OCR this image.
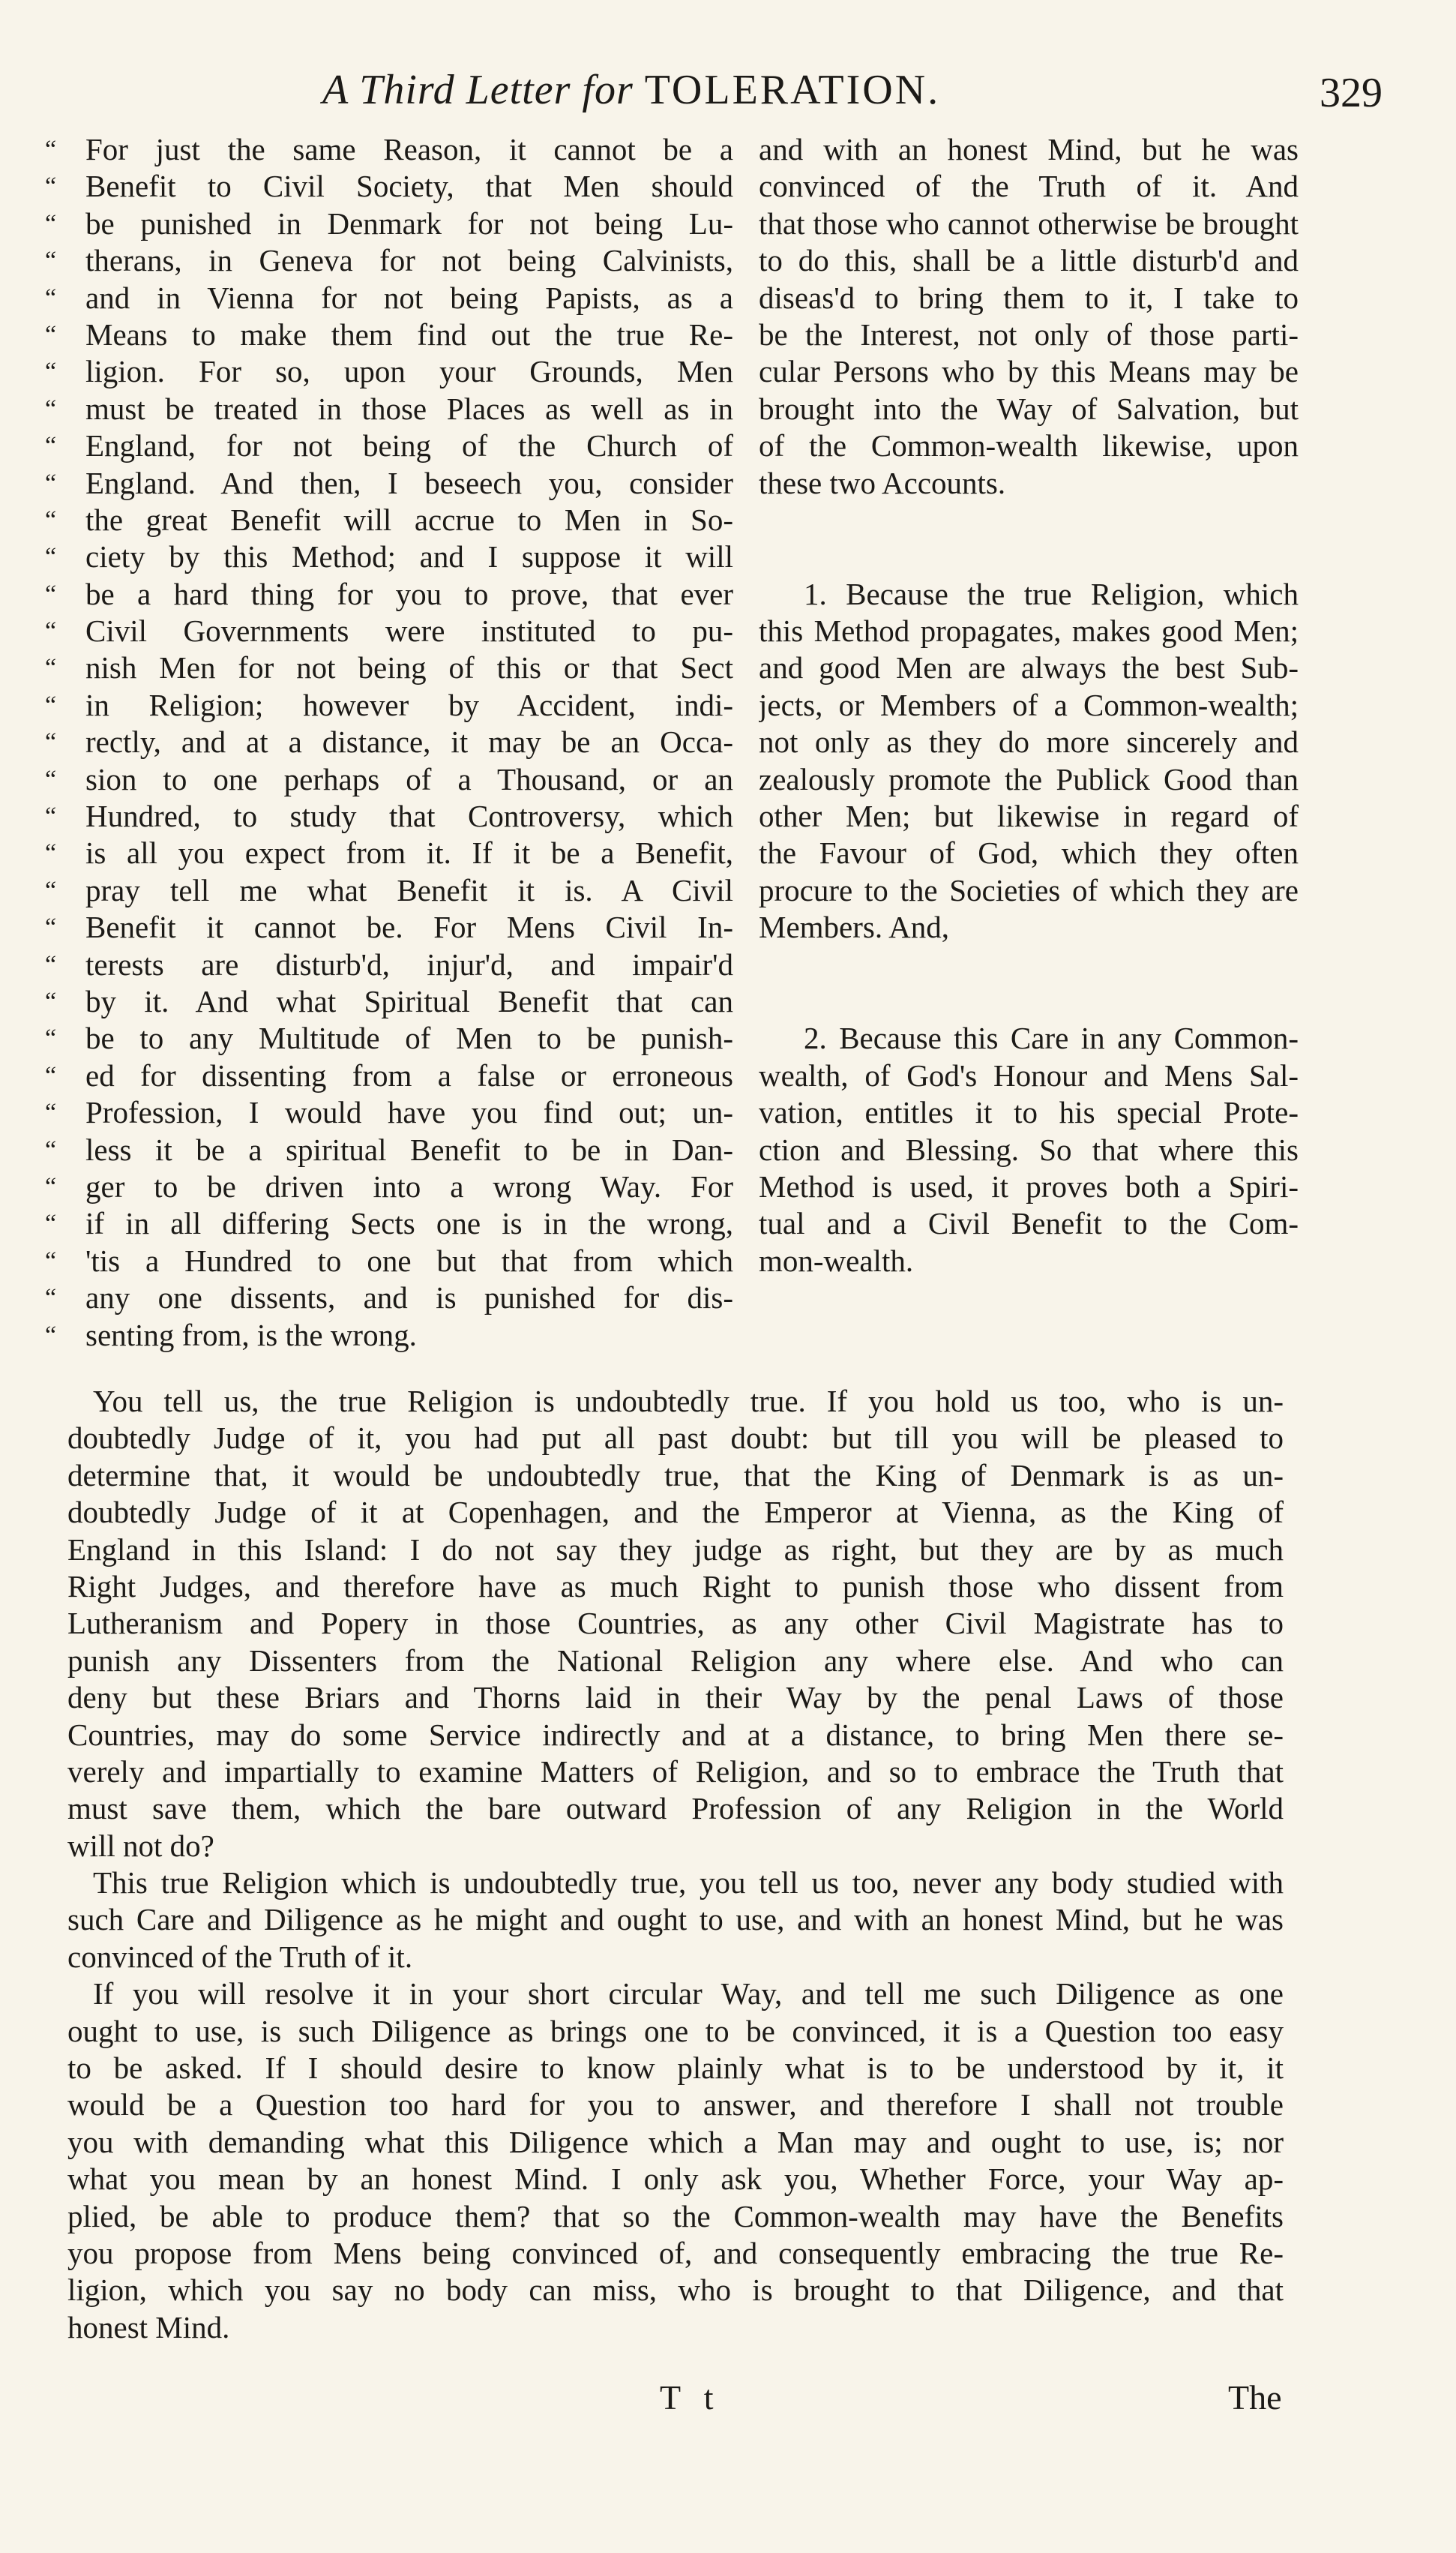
A Third Letter for TOLERATION.	329
“ For just the same Reason, it cannot be a
“ Benefit to Civil Society, that Men should
“ be punished in Denmark for not being Lu-
“ therans, in Geneva for not being Calvinists,
“ and in Vienna for not being Papists, as a
“ Means to make them find out the true Re-
“ ligion. For so, upon your Grounds, Men
“ must be treated in those Places as well as in
“ England, for not being of the Church of
“ England. And then, I beseech you, consider
“ the great Benefit will accrue to Men in So-
“ ciety by this Method; and I suppose it will
“ be a hard thing for you to prove, that ever
“ Civil Governments were instituted to pu-
“ nish Men for not being of this or that Sect
“ in Religion; however by Accident, indi-
“ rectly, and at a distance, it may be an Occa-
“ sion to one perhaps of a Thousand, or an
“ Hundred, to study that Controversy, which
“ is all you expect from it. If it be a Benefit,
“ pray tell me what Benefit it is. A Civil
“ Benefit it cannot be. For Mens Civil In-
“ terests are disturb'd, injur'd, and impair'd
“ by it. And what Spiritual Benefit that can
“ be to any Multitude of Men to be punish-
“ ed for dissenting from a false or erroneous
“ Profession, I would have you find out; un-
“ less it be a spiritual Benefit to be in Dan-
“ ger to be driven into a wrong Way. For
“ if in all differing Sects one is in the wrong,
“ 'tis a Hundred to one but that from which
“ any one dissents, and is punished for dis-
“ senting from, is the wrong.
and with an honest Mind, but he was
convinced of the Truth of it. And
that those who cannot otherwise be brought
to do this, shall be a little disturb'd and
diseas'd to bring them to it, I take to
be the Interest, not only of those parti-
cular Persons who by this Means may be
brought into the Way of Salvation, but
of the Common-wealth likewise, upon
these two Accounts.
1. Because the true Religion, which
this Method propagates, makes good Men;
and good Men are always the best Sub-
jects, or Members of a Common-wealth;
not only as they do more sincerely and
zealously promote the Publick Good than
other Men; but likewise in regard of
the Favour of God, which they often
procure to the Societies of which they are
Members. And,
2. Because this Care in any Common-
wealth, of God's Honour and Mens Sal-
vation, entitles it to his special Prote-
ction and Blessing. So that where this
Method is used, it proves both a Spiri-
tual and a Civil Benefit to the Com-
mon-wealth.
You tell us, the true Religion is undoubtedly true. If you hold us too, who is un-
doubtedly Judge of it, you had put all past doubt: but till you will be pleased to
determine that, it would be undoubtedly true, that the King of Denmark is as un-
doubtedly Judge of it at Copenhagen, and the Emperor at Vienna, as the King of
England in this Island: I do not say they judge as right, but they are by as much
Right Judges, and therefore have as much Right to punish those who dissent from
Lutheranism and Popery in those Countries, as any other Civil Magistrate has to
punish any Dissenters from the National Religion any where else. And who can
deny but these Briars and Thorns laid in their Way by the penal Laws of those
Countries, may do some Service indirectly and at a distance, to bring Men there se-
verely and impartially to examine Matters of Religion, and so to embrace the Truth that
must save them, which the bare outward Profession of any Religion in the World
will not do?
This true Religion which is undoubtedly true, you tell us too, never any body studied with
such Care and Diligence as he might and ought to use, and with an honest Mind, but he was
convinced of the Truth of it.
If you will resolve it in your short circular Way, and tell me such Diligence as one
ought to use, is such Diligence as brings one to be convinced, it is a Question too easy
to be asked. If I should desire to know plainly what is to be understood by it, it
would be a Question too hard for you to answer, and therefore I shall not trouble
you with demanding what this Diligence which a Man may and ought to use, is; nor
what you mean by an honest Mind. I only ask you, Whether Force, your Way ap-
plied, be able to produce them? that so the Common-wealth may have the Benefits
you propose from Mens being convinced of, and consequently embracing the true Re-
ligion, which you say no body can miss, who is brought to that Diligence, and that
honest Mind.
T t	The
